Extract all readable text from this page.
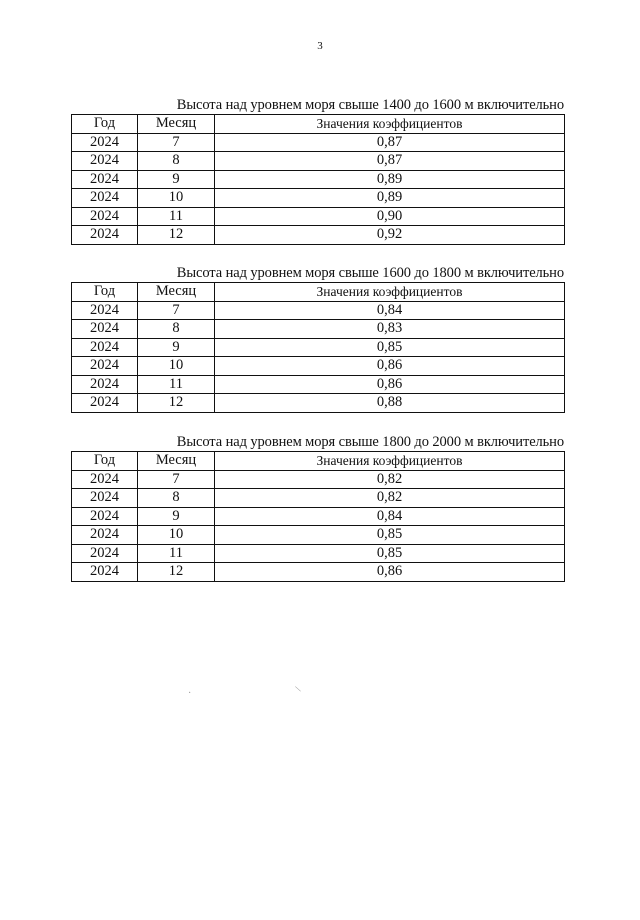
3
Высота над уровнем моря свыше 1400 до 1600 м включительно
Год	Месяц	Значения коэффициентов
2024	7	0,87
2024	8	0,87
2024	9	0,89
2024	10	0,89
2024	11	0,90
2024	12	0,92
Высота над уровнем моря свыше 1600 до 1800 м включительно
Год	Месяц	Значения коэффициентов
2024	7	0,84
2024	8	0,83
2024	9	0,85
2024	10	0,86
2024	11	0,86
2024	12	0,88
Высота над уровнем моря свыше 1800 до 2000 м включительно
Год	Месяц	Значения коэффициентов
2024	7	0,82
2024	8	0,82
2024	9	0,84
2024	10	0,85
2024	11	0,85
2024	12	0,86
\
·
